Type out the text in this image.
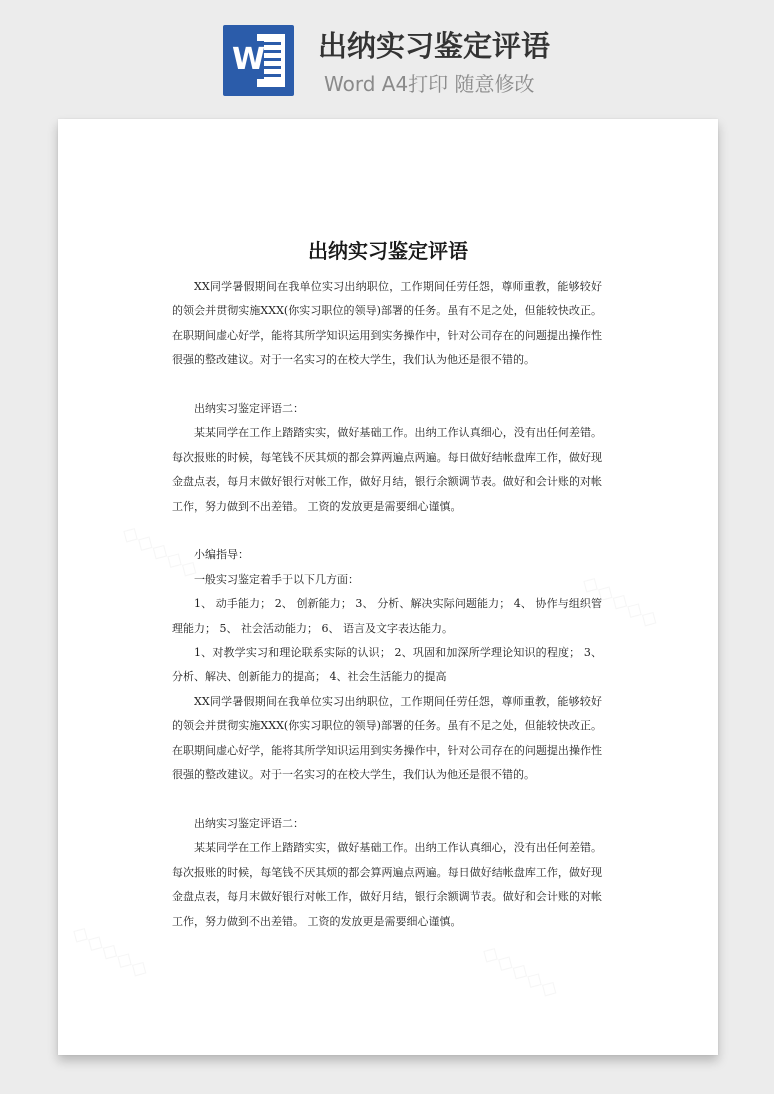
W 出纳实习鉴定评语
Word A4打印 随意修改
出纳实习鉴定评语

XX同学暑假期间在我单位实习出纳职位，工作期间任劳任怨，尊师重教，能够较好的领会并贯彻实施XXX(你实习职位的领导)部署的任务。虽有不足之处，但能较快改正。在职期间虚心好学，能将其所学知识运用到实务操作中，针对公司存在的问题提出操作性很强的整改建议。对于一名实习的在校大学生，我们认为他还是很不错的。

出纳实习鉴定评语二：

某某同学在工作上踏踏实实，做好基础工作。出纳工作认真细心，没有出任何差错。每次报账的时候，每笔钱不厌其烦的都会算两遍点两遍。每日做好结帐盘库工作，做好现金盘点表，每月末做好银行对帐工作，做好月结，银行余额调节表。做好和会计账的对帐工作，努力做到不出差错。 工资的发放更是需要细心谨慎。

小编指导：

一般实习鉴定着手于以下几方面：

1、 动手能力； 2、 创新能力； 3、 分析、解决实际问题能力； 4、 协作与组织管理能力； 5、 社会活动能力； 6、 语言及文字表达能力。

1、对教学实习和理论联系实际的认识； 2、巩固和加深所学理论知识的程度； 3、分析、解决、创新能力的提高； 4、社会生活能力的提高

XX同学暑假期间在我单位实习出纳职位，工作期间任劳任怨，尊师重教，能够较好的领会并贯彻实施XXX(你实习职位的领导)部署的任务。虽有不足之处，但能较快改正。在职期间虚心好学，能将其所学知识运用到实务操作中，针对公司存在的问题提出操作性很强的整改建议。对于一名实习的在校大学生，我们认为他还是很不错的。

出纳实习鉴定评语二：

某某同学在工作上踏踏实实，做好基础工作。出纳工作认真细心，没有出任何差错。每次报账的时候，每笔钱不厌其烦的都会算两遍点两遍。每日做好结帐盘库工作，做好现金盘点表，每月末做好银行对帐工作，做好月结，银行余额调节表。做好和会计账的对帐工作，努力做到不出差错。 工资的发放更是需要细心谨慎。
